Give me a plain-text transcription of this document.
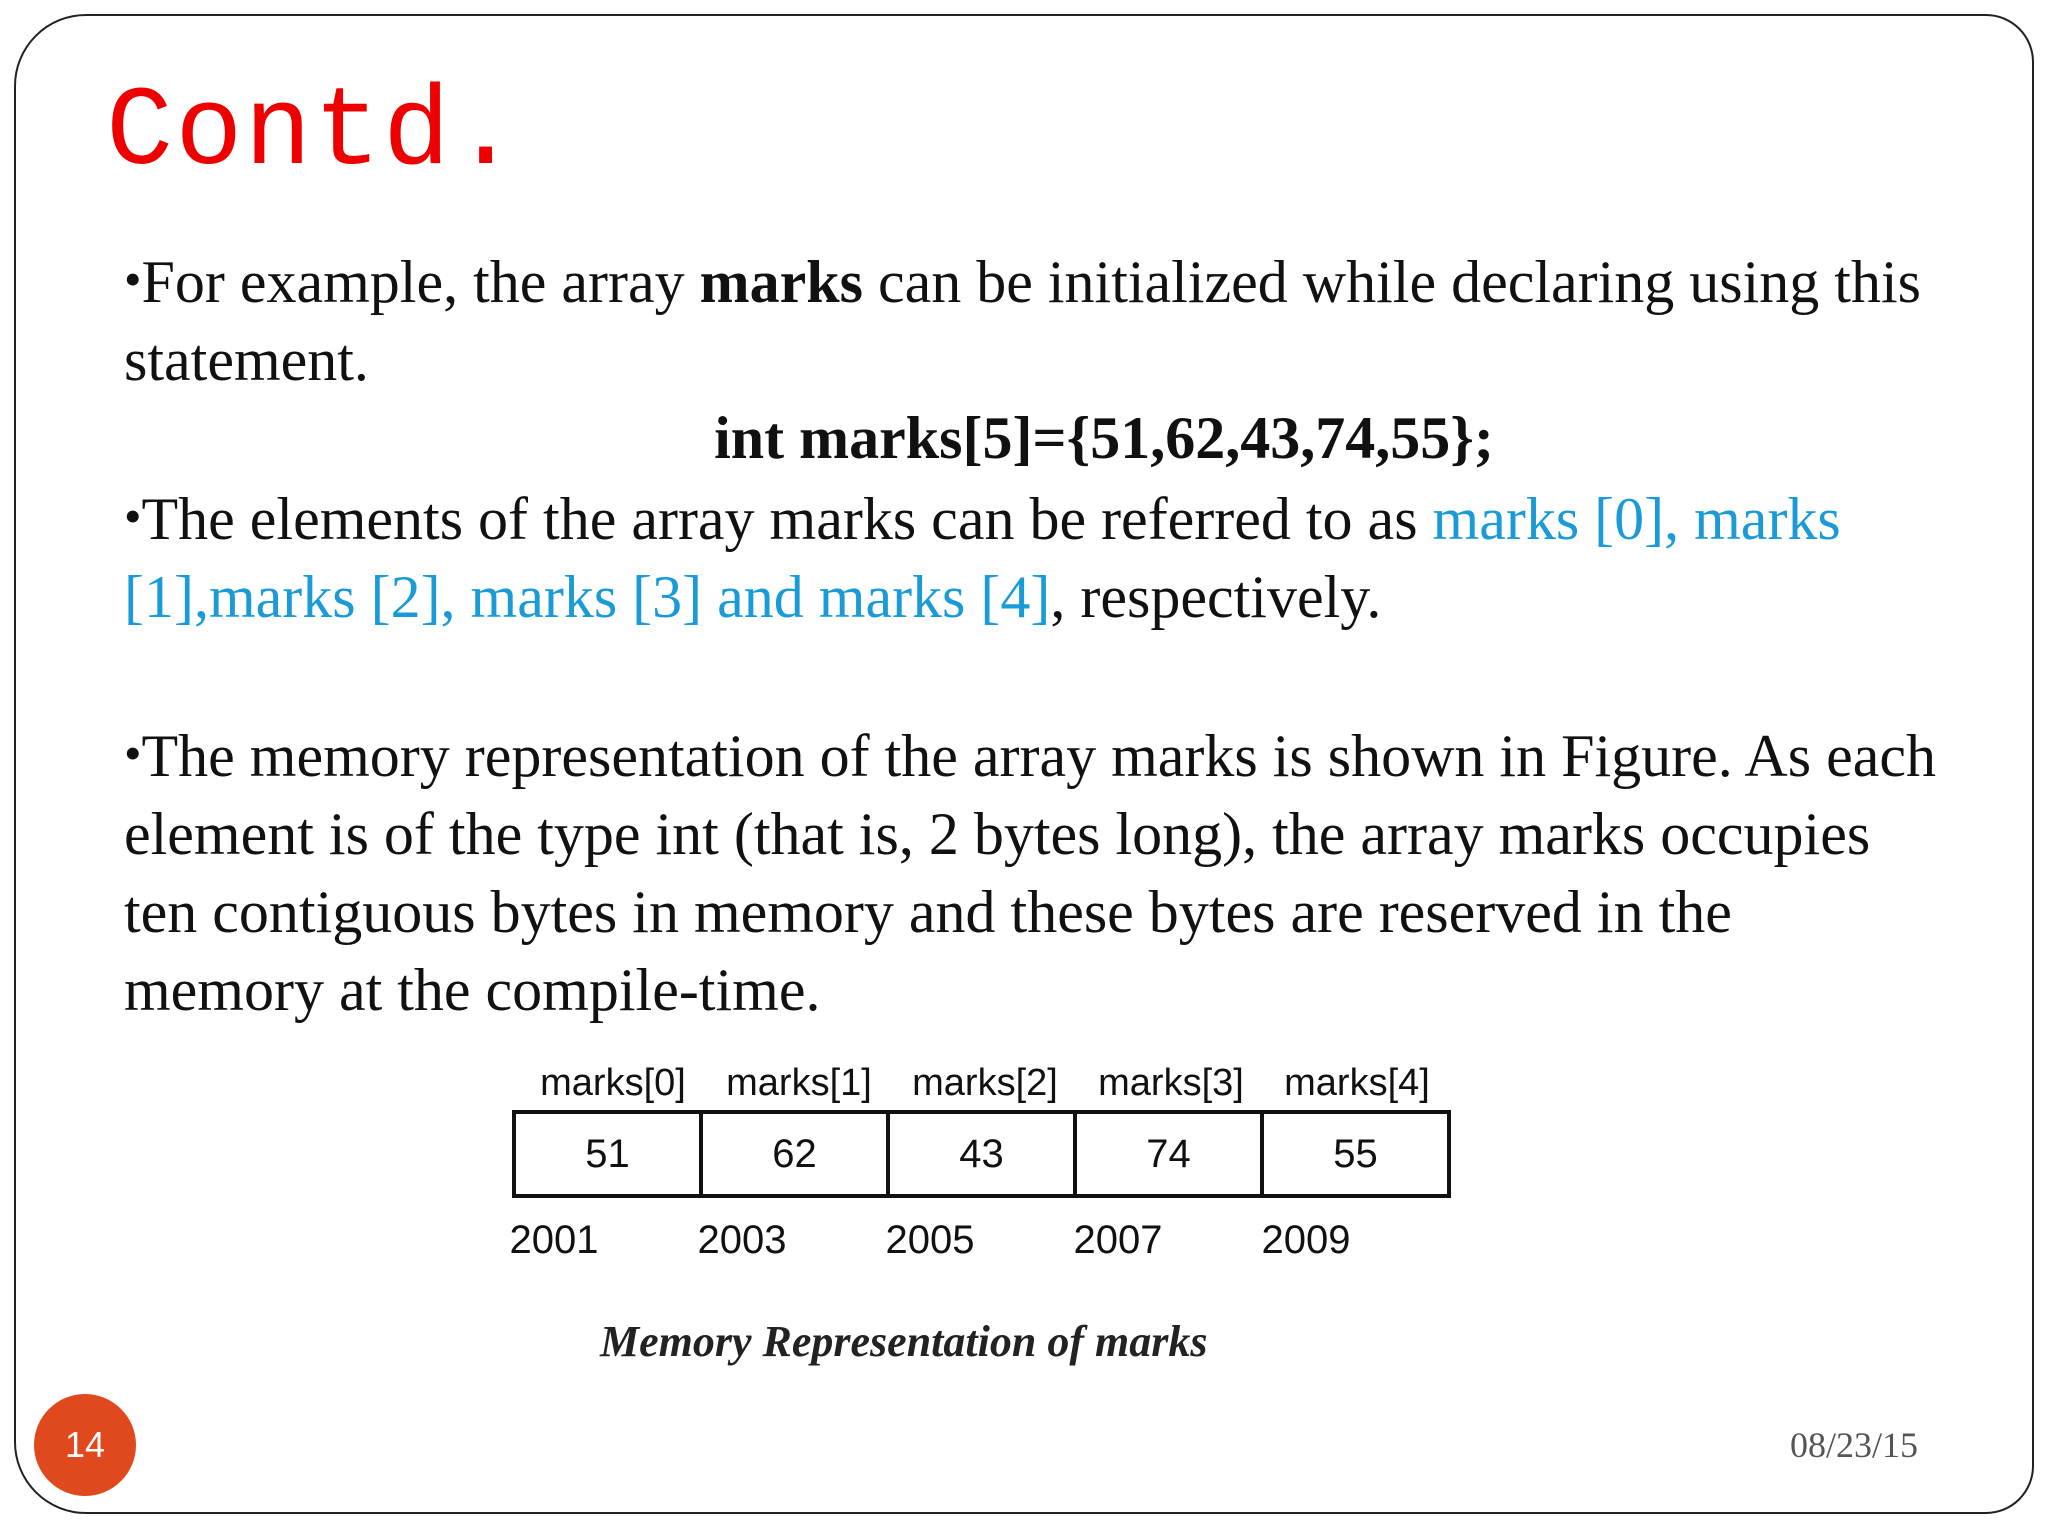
Contd.

•For example, the array marks can be initialized while declaring using this statement.

int marks[5]={51,62,43,74,55};

•The elements of the array marks can be referred to as marks [0], marks [1],marks [2], marks [3] and marks [4], respectively.

•The memory representation of the array marks is shown in Figure. As each element is of the type int (that is, 2 bytes long), the array marks occupies ten contiguous bytes in memory and these bytes are reserved in the memory at the compile-time.

marks[0]	marks[1]	marks[2]	marks[3]	marks[4]
51	62	43	74	55
2001	2003	2005	2007	2009
Memory Representation of marks
14	08/23/15
